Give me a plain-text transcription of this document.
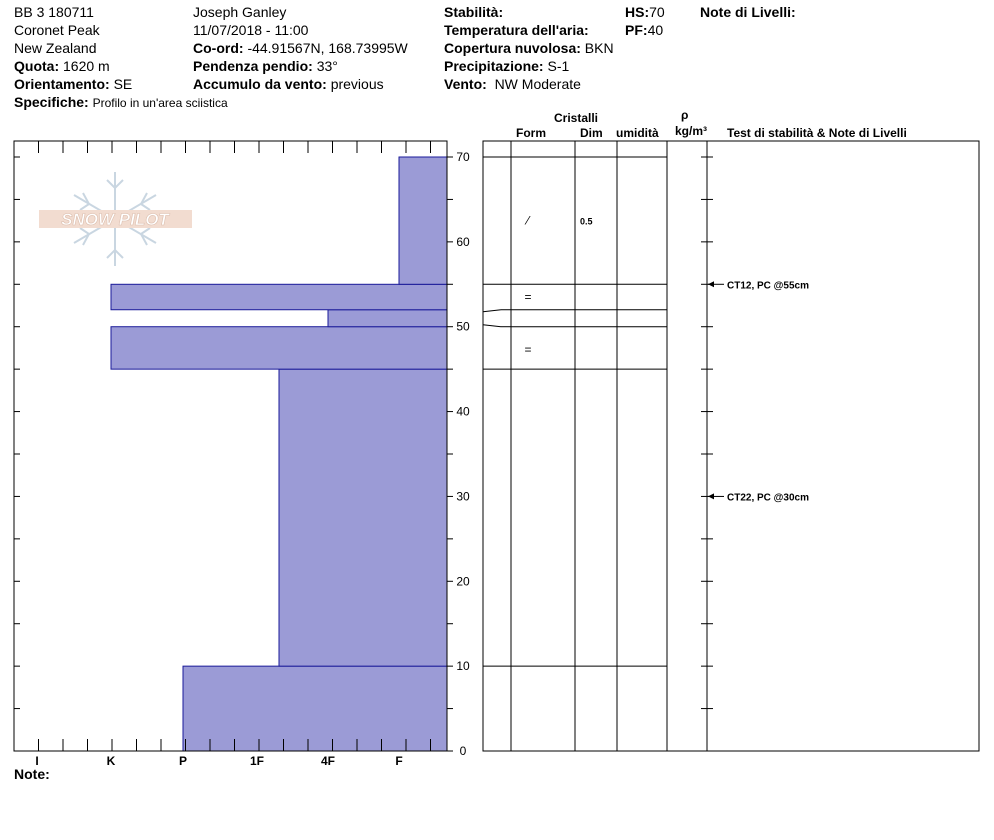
BB 3 180711
Coronet Peak
New Zealand
Quota: 1620 m
Orientamento: SE
Specifiche: Profilo in un'area sciistica
Joseph Ganley
11/07/2018 - 11:00
Co-ord: -44.91567N, 168.73995W
Pendenza pendio: 33°
Accumulo da vento: previous
Stabilità:
Temperatura dell'aria:
Copertura nuvolosa: BKN
Precipitazione: S-1
Vento: NW Moderate
HS:70
PF:40
Note di Livelli:
Cristalli
Form	Dim umidità
ρ
kg/m³ Test di stabilità & Note di Livelli
Note:
SNOW PILOT
0
10
20
30
40
50
60
70
I	K	P	1F	4F	F
⁄	0.5
=
=
CT12, PC @55cm
CT22, PC @30cm
